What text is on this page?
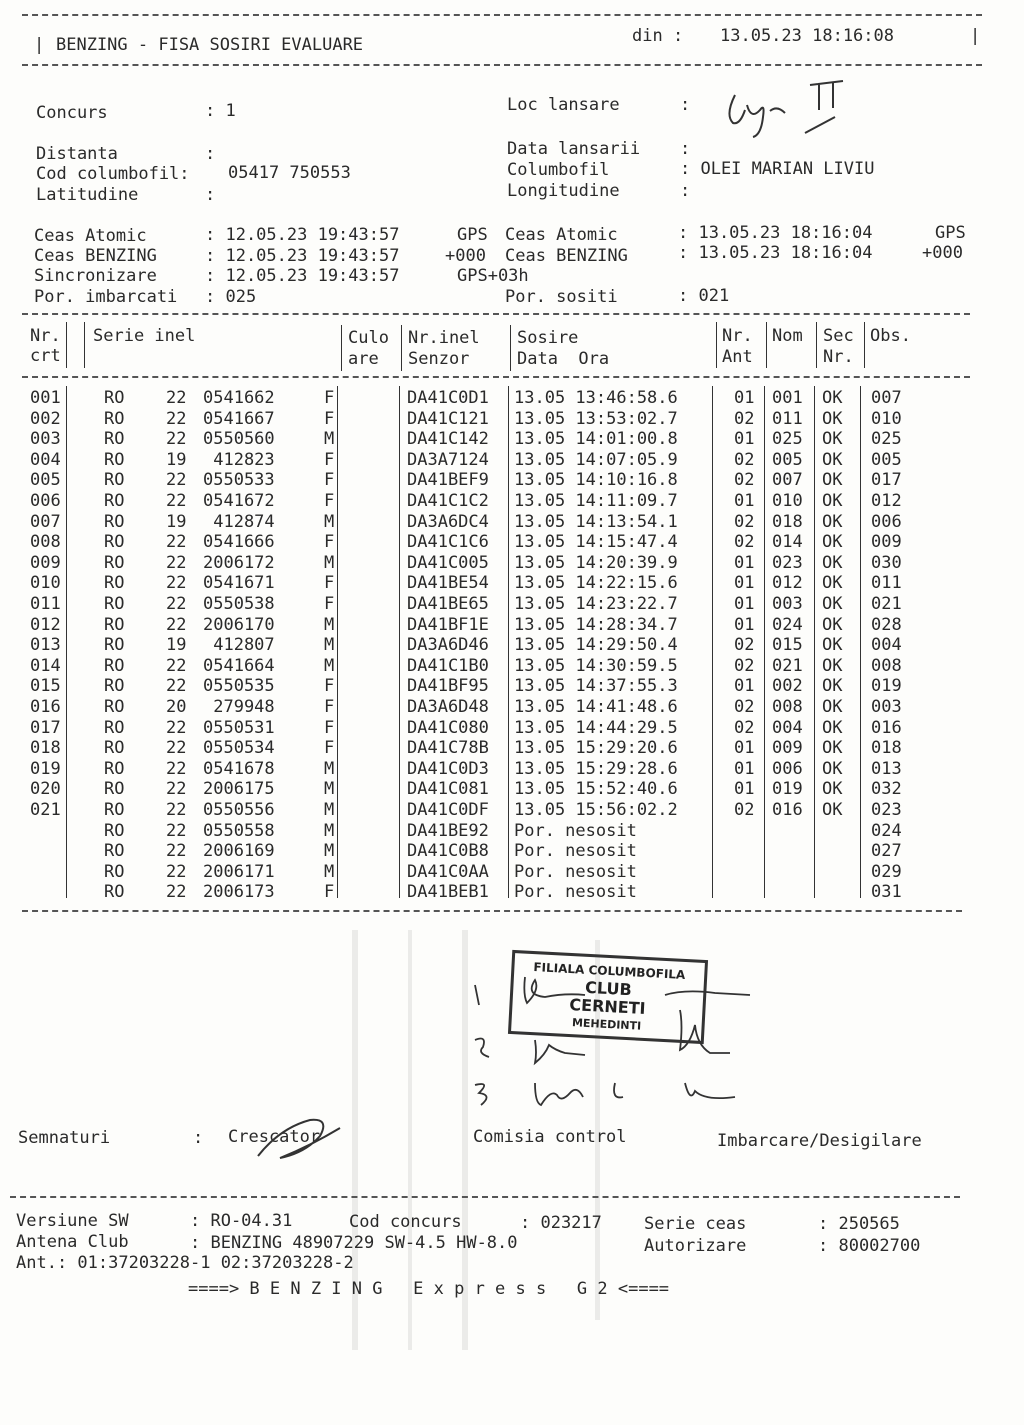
| BENZING - FISA SOSIRI EVALUARE	din : 13.05.23 18:16:08	|
Concurs	: 1	Loc lansare	:
Distanta	:	Data lansarii :
Cod columbofil: 05417 750553	Columbofil	: OLEI MARIAN LIVIU
Latitudine	:	Longitudine	:
Ceas Atomic	: 12.05.23 19:43:57	GPS
Ceas BENZING	: 12.05.23 19:43:57	+000
Sincronizare	: 12.05.23 19:43:57	GPS+03h
Por. imbarcati : 025
Ceas Atomic	: 13.05.23 18:16:04	GPS
Ceas BENZING	: 13.05.23 18:16:04	+000
Por. sositi	: 021
Nr.
crt
Serie inel	Culo
are
Nr.inel
Senzor
Sosire
Data  Ora
Nr.
Ant
Nom Sec
Nr.
Obs.
001	RO 22 0541662	F	DA41C0D1 13.05 13:46:58.6	01 001 OK 007
002	RO 22 0541667	F	DA41C121 13.05 13:53:02.7	02 011 OK 010
003	RO 22 0550560	M	DA41C142 13.05 14:01:00.8	01 025 OK 025
004	RO 19 412823	F	DA3A7124 13.05 14:07:05.9	02 005 OK 005
005	RO 22 0550533	F	DA41BEF9 13.05 14:10:16.8	02 007 OK 017
006	RO 22 0541672	F	DA41C1C2 13.05 14:11:09.7	01 010 OK 012
007	RO 19 412874	M	DA3A6DC4 13.05 14:13:54.1	02 018 OK 006
008	RO 22 0541666	F	DA41C1C6 13.05 14:15:47.4	02 014 OK 009
009	RO 22 2006172	M	DA41C005 13.05 14:20:39.9	01 023 OK 030
010	RO 22 0541671	F	DA41BE54 13.05 14:22:15.6	01 012 OK 011
011	RO 22 0550538	F	DA41BE65 13.05 14:23:22.7	01 003 OK 021
012	RO 22 2006170	M	DA41BF1E 13.05 14:28:34.7	01 024 OK 028
013	RO 19 412807	M	DA3A6D46 13.05 14:29:50.4	02 015 OK 004
014	RO 22 0541664	M	DA41C1B0 13.05 14:30:59.5	02 021 OK 008
015	RO 22 0550535	F	DA41BF95 13.05 14:37:55.3	01 002 OK 019
016	RO 20 279948	F	DA3A6D48 13.05 14:41:48.6	02 008 OK 003
017	RO 22 0550531	F	DA41C080 13.05 14:44:29.5	02 004 OK 016
018	RO 22 0550534	F	DA41C78B 13.05 15:29:20.6	01 009 OK 018
019	RO 22 0541678	M	DA41C0D3 13.05 15:29:28.6	01 006 OK 013
020	RO 22 2006175	M	DA41C081 13.05 15:52:40.6	01 019 OK 032
021	RO 22 0550556	M	DA41C0DF 13.05 15:56:02.2	02 016 OK 023
RO 22 0550558	M	DA41BE92 Por. nesosit	024
RO 22 2006169	M	DA41C0B8 Por. nesosit	027
RO 22 2006171	M	DA41C0AA Por. nesosit	029
RO 22 2006173	F	DA41BEB1 Por. nesosit	031
FILIALA COLUMBOFILA
CLUB
CERNETI
MEHEDINTI
Semnaturi	: Crescator	Comisia control	Imbarcare/Desigilare
Versiune SW	: RO-04.31	Cod concurs	: 023217 Serie ceas	: 250565
Antena Club	: BENZING 48907229 SW-4.5 HW-8.0	Autorizare	: 80002700
Ant.: 01:37203228-1 02:37203228-2
====> B E N Z I N G   E x p r e s s   G 2 <====
